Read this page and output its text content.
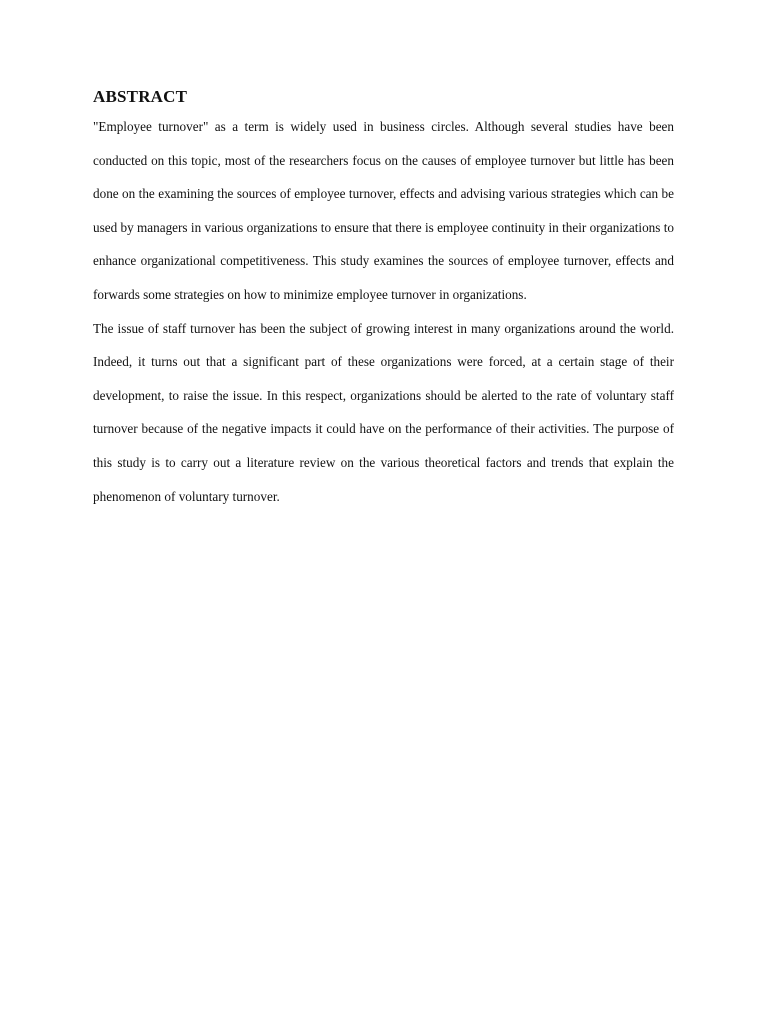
ABSTRACT

"Employee turnover" as a term is widely used in business circles. Although several studies have been conducted on this topic, most of the researchers focus on the causes of employee turnover but little has been done on the examining the sources of employee turnover, effects and advising various strategies which can be used by managers in various organizations to ensure that there is employee continuity in their organizations to enhance organizational competitiveness. This study examines the sources of employee turnover, effects and forwards some strategies on how to minimize employee turnover in organizations.

The issue of staff turnover has been the subject of growing interest in many organizations around the world. Indeed, it turns out that a significant part of these organizations were forced, at a certain stage of their development, to raise the issue. In this respect, organizations should be alerted to the rate of voluntary staff turnover because of the negative impacts it could have on the performance of their activities. The purpose of this study is to carry out a literature review on the various theoretical factors and trends that explain the phenomenon of voluntary turnover.
